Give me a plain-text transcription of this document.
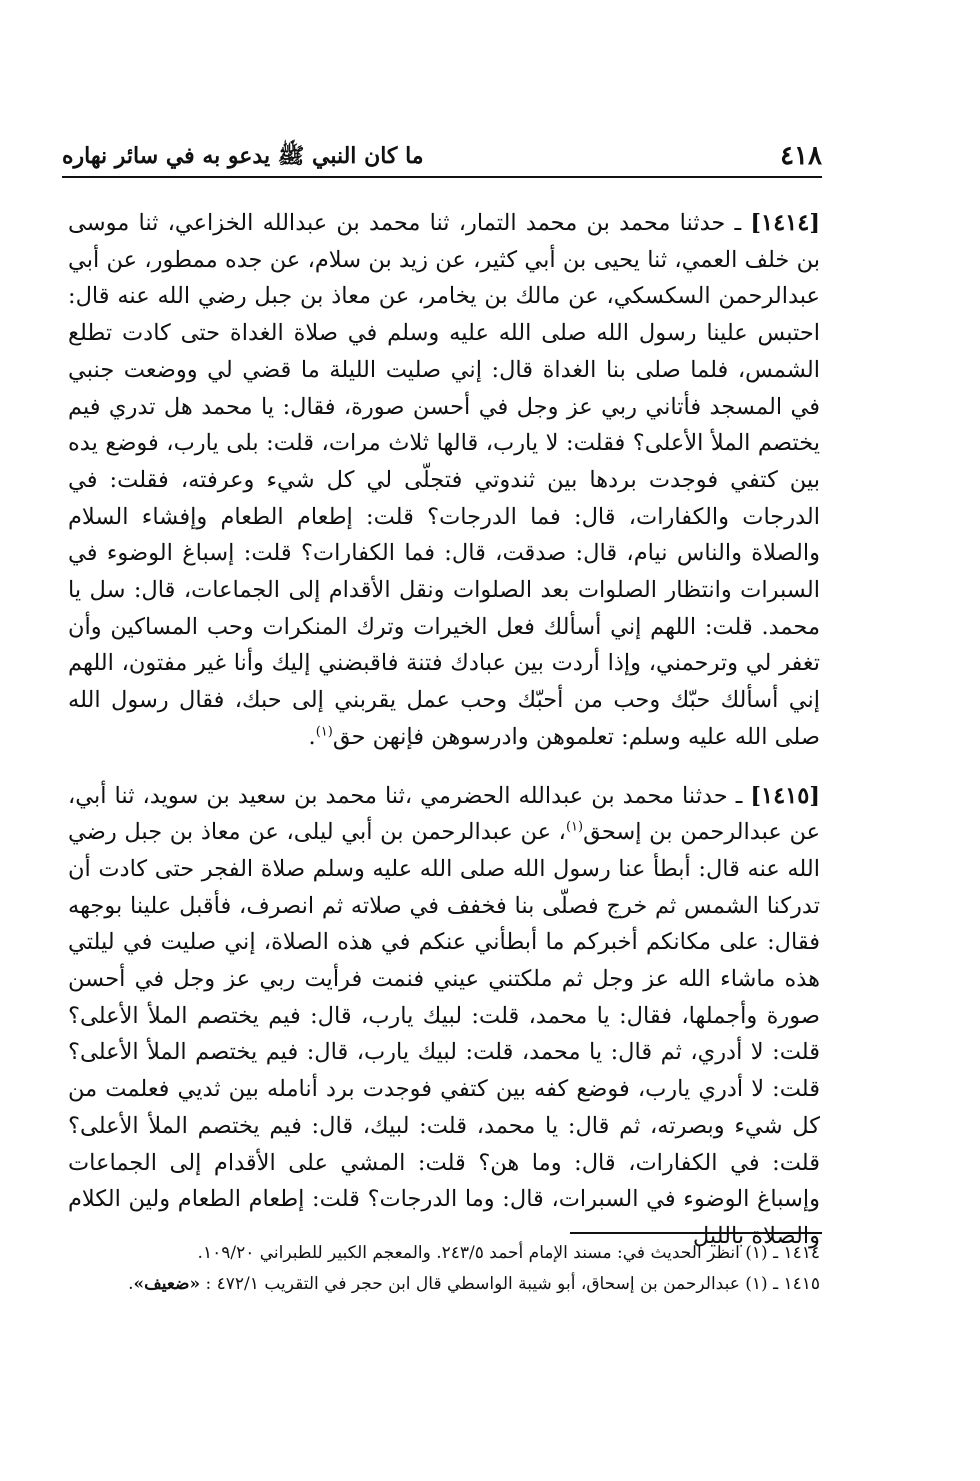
٤١٨
ما كان النبي ﷺ يدعو به في سائر نهاره

[١٤١٤] ـ حدثنا محمد بن محمد التمار، ثنا محمد بن عبدالله الخزاعي، ثنا موسى بن خلف العمي، ثنا يحيى بن أبي كثير، عن زيد بن سلام، عن جده ممطور، عن أبي عبدالرحمن السكسكي، عن مالك بن يخامر، عن معاذ بن جبل رضي الله عنه قال: احتبس علينا رسول الله صلى الله عليه وسلم في صلاة الغداة حتى كادت تطلع الشمس، فلما صلى بنا الغداة قال: إني صليت الليلة ما قضي لي ووضعت جنبي في المسجد فأتاني ربي عز وجل في أحسن صورة، فقال: يا محمد هل تدري فيم يختصم الملأ الأعلى؟ فقلت: لا يارب، قالها ثلاث مرات، قلت: بلى يارب، فوضع يده بين كتفي فوجدت بردها بين ثندوتي فتجلّى لي كل شيء وعرفته، فقلت: في الدرجات والكفارات، قال: فما الدرجات؟ قلت: إطعام الطعام وإفشاء السلام والصلاة والناس نيام، قال: صدقت، قال: فما الكفارات؟ قلت: إسباغ الوضوء في السبرات وانتظار الصلوات بعد الصلوات ونقل الأقدام إلى الجماعات، قال: سل يا محمد. قلت: اللهم إني أسألك فعل الخيرات وترك المنكرات وحب المساكين وأن تغفر لي وترحمني، وإذا أردت بين عبادك فتنة فاقبضني إليك وأنا غير مفتون، اللهم إني أسألك حبّك وحب من أحبّك وحب عمل يقربني إلى حبك، فقال رسول الله صلى الله عليه وسلم: تعلموهن وادرسوهن فإنهن حق$^{(١)}$.

[١٤١٥] ـ حدثنا محمد بن عبدالله الحضرمي ،ثنا محمد بن سعيد بن سويد، ثنا أبي، عن عبدالرحمن بن إسحق$^{(١)}$، عن عبدالرحمن بن أبي ليلى، عن معاذ بن جبل رضي الله عنه قال: أبطأ عنا رسول الله صلى الله عليه وسلم صلاة الفجر حتى كادت أن تدركنا الشمس ثم خرج فصلّى بنا فخفف في صلاته ثم انصرف، فأقبل علينا بوجهه فقال: على مكانكم أخبركم ما أبطأني عنكم في هذه الصلاة، إني صليت في ليلتي هذه ماشاء الله عز وجل ثم ملكتني عيني فنمت فرأيت ربي عز وجل في أحسن صورة وأجملها، فقال: يا محمد، قلت: لبيك يارب، قال: فيم يختصم الملأ الأعلى؟ قلت: لا أدري، ثم قال: يا محمد، قلت: لبيك يارب، قال: فيم يختصم الملأ الأعلى؟ قلت: لا أدري يارب، فوضع كفه بين كتفي فوجدت برد أنامله بين ثديي فعلمت من كل شيء وبصرته، ثم قال: يا محمد، قلت: لبيك، قال: فيم يختصم الملأ الأعلى؟ قلت: في الكفارات، قال: وما هن؟ قلت: المشي على الأقدام إلى الجماعات وإسباغ الوضوء في السبرات، قال: وما الدرجات؟ قلت: إطعام الطعام ولين الكلام والصلاة بالليل

١٤١٤ ـ (١) انظر الحديث في: مسند الإمام أحمد ٢٤٣/٥. والمعجم الكبير للطبراني ١٠٩/٢٠.

١٤١٥ ـ (١) عبدالرحمن بن إسحاق، أبو شيبة الواسطي قال ابن حجر في التقريب ٤٧٢/١ : «ضعيف».
